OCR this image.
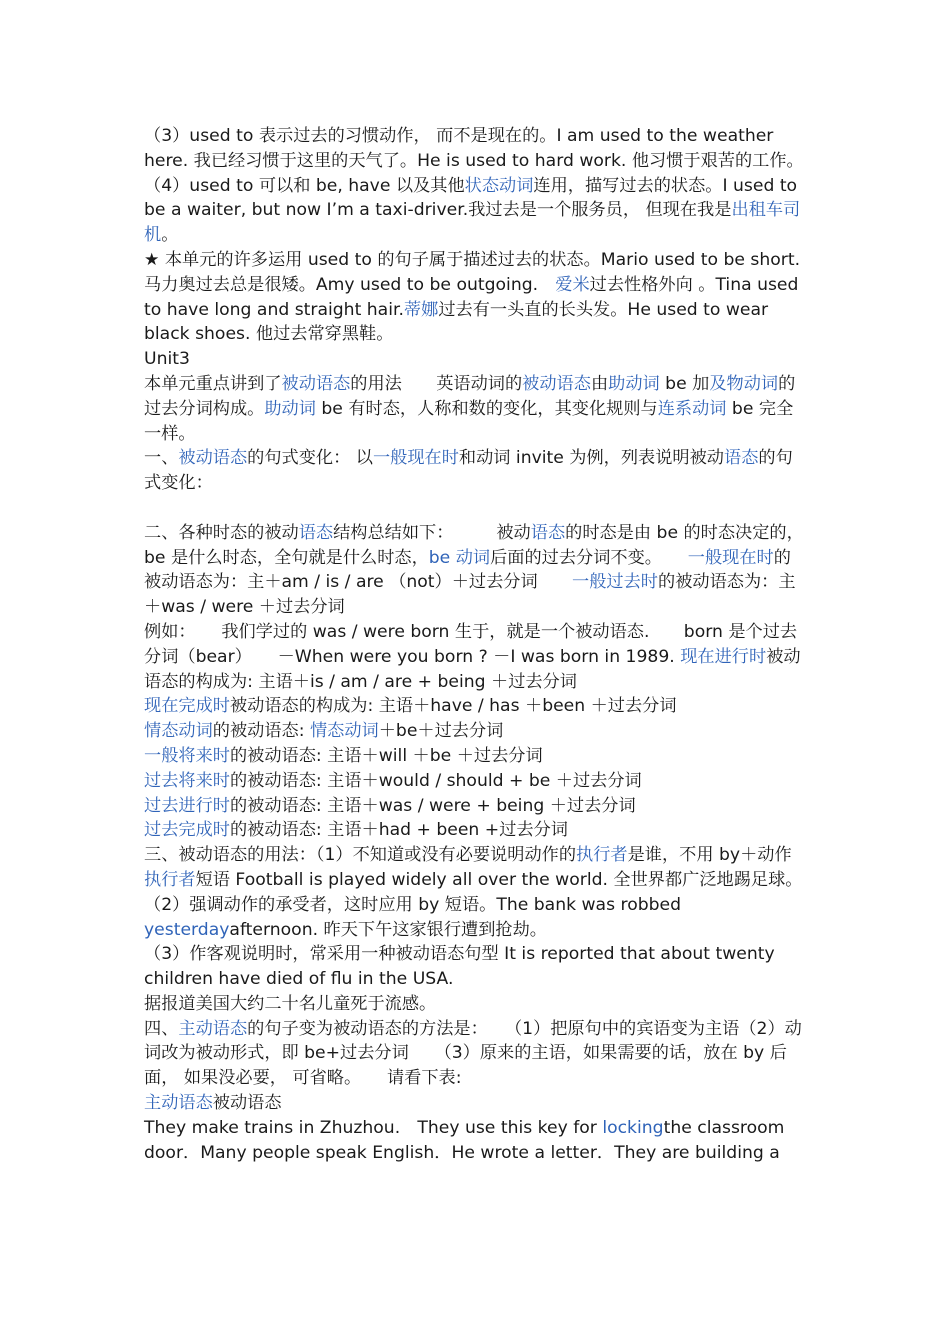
（3）used to 表示过去的习惯动作， 而不是现在的。I am used to the weather here. 我已经习惯于这里的天气了。He is used to hard work. 他习惯于艰苦的工作。

（4）used to 可以和 be, have 以及其他状态动词连用，描写过去的状态。I used to be a waiter, but now I’m a taxi-driver.我过去是一个服务员， 但现在我是出租车司机。

★ 本单元的许多运用 used to 的句子属于描述过去的状态。Mario used to be short.　马力奥过去总是很矮。Amy used to be outgoing.　爱米过去性格外向 。Tina used to have long and straight hair.蒂娜过去有一头直的长头发。He used to wear black shoes. 他过去常穿黑鞋。

Unit3

本单元重点讲到了被动语态的用法　　英语动词的被动语态由助动词 be 加及物动词的过去分词构成。助动词 be 有时态，人称和数的变化，其变化规则与连系动词 be 完全一样。

一、被动语态的句式变化： 以一般现在时和动词 invite 为例，列表说明被动语态的句式变化：

二、各种时态的被动语态结构总结如下：　　　被动语态的时态是由 be 的时态决定的，be 是什么时态，全句就是什么时态，be 动词后面的过去分词不变。　　一般现在时的被动语态为：主＋am / is / are （not）＋过去分词　　一般过去时的被动语态为：主＋was / were ＋过去分词

例如：　　我们学过的 was / were born 生于，就是一个被动语态.　　born 是个过去分词（bear）　　－When were you born ? －I was born in 1989. 现在进行时被动语态的构成为: 主语＋is / am / are + being ＋过去分词

现在完成时被动语态的构成为: 主语＋have / has ＋been ＋过去分词

情态动词的被动语态: 情态动词＋be＋过去分词

一般将来时的被动语态: 主语＋will ＋be ＋过去分词

过去将来时的被动语态: 主语＋would / should + be ＋过去分词

过去进行时的被动语态: 主语＋was / were + being ＋过去分词

过去完成时的被动语态: 主语＋had + been +过去分词

三、被动语态的用法：（1）不知道或没有必要说明动作的执行者是谁，不用 by＋动作执行者短语 Football is played widely all over the world. 全世界都广泛地踢足球。

（2）强调动作的承受者，这时应用 by 短语。The bank was robbed yesterdayafternoon. 昨天下午这家银行遭到抢劫。

（3）作客观说明时，常采用一种被动语态句型 It is reported that about twenty children have died of flu in the USA.

据报道美国大约二十名儿童死于流感。

四、主动语态的句子变为被动语态的方法是：　　（1）把原句中的宾语变为主语（2）动词改为被动形式，即 be+过去分词　　（3）原来的主语，如果需要的话，放在 by 后面， 如果没必要， 可省略。　　请看下表:

主动语态被动语态

They make trains in Zhuzhou.　They use this key for lockingthe classroom door．Many people speak English．He wrote a letter．They are building a
